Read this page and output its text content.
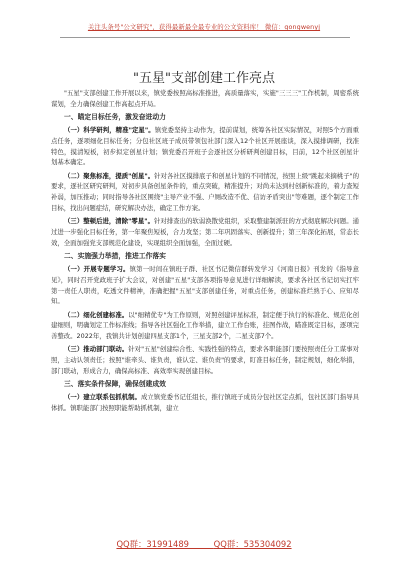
关注头条号"公文研究"，获得最新最全最专业的公文资料库！ 微信：gongwenyj
"五星"支部创建工作亮点

"五星"支部创建工作开展以来，镇党委按照高标准推进，高质量落实，实施"三三三"工作机制，周密系统谋划，全力确保创建工作高起点开局。

一、瞄定目标任务，激发奋进动力

（一）科学研判，精准"定星"。镇党委坚持主动作为，提前谋划，统筹各社区实际情况，对照5个方面重点任务，逐项细化目标任务；分包社区班子成员带领包社部门深入12个社区开展座谈，深入摸排调研，找准特色，摸清短板，初步拟定创星计划；镇党委召开班子会逐社区分析研判创建目标，目前，12个社区创星计划基本确定。

（二）聚焦标准，提质"创星"。针对各社区摸排底子和创星计划的不同情况，按照上级"跳起来摘桃子"的要求，逐社区研究研判，对初步具备创星条件的，重点突破，精准提升；对尚未达到村创新标准的，着力查短补弱，加压推动；同时指导各社区围绕"主导产业不强、户厕改造不优、信访矛盾突出"等难题，逐个制定工作目标，找出问题症结，研究解决办法，确定工作方案。

（三）整顿后进，清除"零星"。针对排查出的软弱涣散党组织，采取整建制派驻的方式彻底解决问题。通过进一步强化目标任务，第一年聚焦短板，合力攻坚；第二年巩固落实、创新提升；第三年深化拓展，常态长效，全面加强党支部规范化建设，实现组织全面加强，全面过硬。

二、实施强力举措，推进工作落实

（一）开展专题学习。镇第一时间在镇班子群、社区书记微信群转发学习《河南日报》刊发的《指导意见》，同时召开党政班子扩大会议，对创建"五星"支部各项指导意见进行详细解读，要求各社区书记切实扛牢第一责任人职责，吃透文件精神，准确把握"五星"支部创建任务，对重点任务，创建标准烂熟于心、应知尽知。

（二）细化创建标准。以"细精优专"为工作原则，对照创建评星标准，制定便于执行的标准化、规范化创建细则，明确划定工作标准线；指导各社区强化工作举措，建立工作台账，挂图作战，瞄准既定目标，逐项完善整改。2022年，我镇共计划创建四星支部1个，三星支部2个，二星支部7个。

（三）推动部门联动。针对"五星"创建综合性、实践性强的特点，要求各职能部门要按照责任分工谋事对照，主动认领责任；按照"谁牵头、谁负责，谁认定、谁负责"的要求，盯准目标任务，制定规划，细化举措，部门联动，形成合力，确保高标准、高效率实现创建目标。

三、落实条件保障，确保创建成效

（一）建立联系包抓机制。成立镇党委书记任组长，推行镇班子成员分包社区定点抓，包社区部门指导具体抓。镇职能部门按照职能帮助抓机制，建立

QQ群：31991489	QQ群：535304092
